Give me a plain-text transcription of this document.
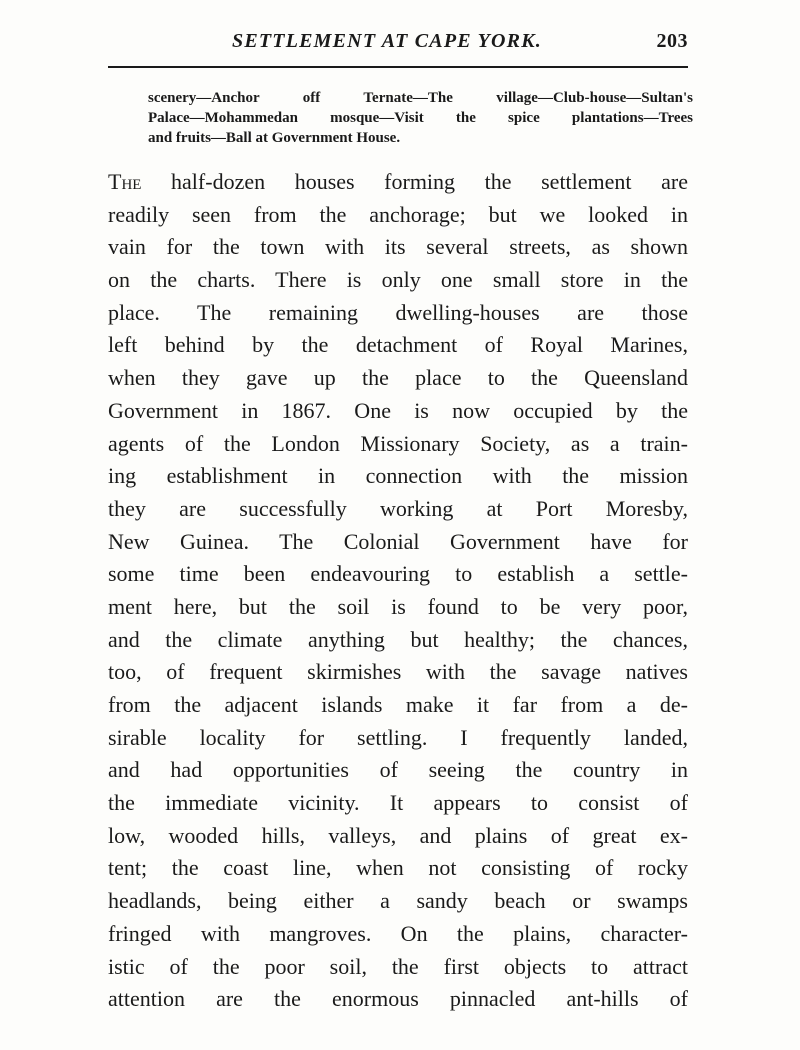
SETTLEMENT AT CAPE YORK.	203
scenery—Anchor off Ternate—The village—Club-house—Sultan's
Palace—Mohammedan mosque—Visit the spice plantations—Trees
and fruits—Ball at Government House.
The half-dozen houses forming the settlement are
readily seen from the anchorage; but we looked in
vain for the town with its several streets, as shown
on the charts. There is only one small store in the
place. The remaining dwelling-houses are those
left behind by the detachment of Royal Marines,
when they gave up the place to the Queensland
Government in 1867. One is now occupied by the
agents of the London Missionary Society, as a train-
ing establishment in connection with the mission
they are successfully working at Port Moresby,
New Guinea. The Colonial Government have for
some time been endeavouring to establish a settle-
ment here, but the soil is found to be very poor,
and the climate anything but healthy; the chances,
too, of frequent skirmishes with the savage natives
from the adjacent islands make it far from a de-
sirable locality for settling. I frequently landed,
and had opportunities of seeing the country in
the immediate vicinity. It appears to consist of
low, wooded hills, valleys, and plains of great ex-
tent; the coast line, when not consisting of rocky
headlands, being either a sandy beach or swamps
fringed with mangroves. On the plains, character-
istic of the poor soil, the first objects to attract
attention are the enormous pinnacled ant-hills of
